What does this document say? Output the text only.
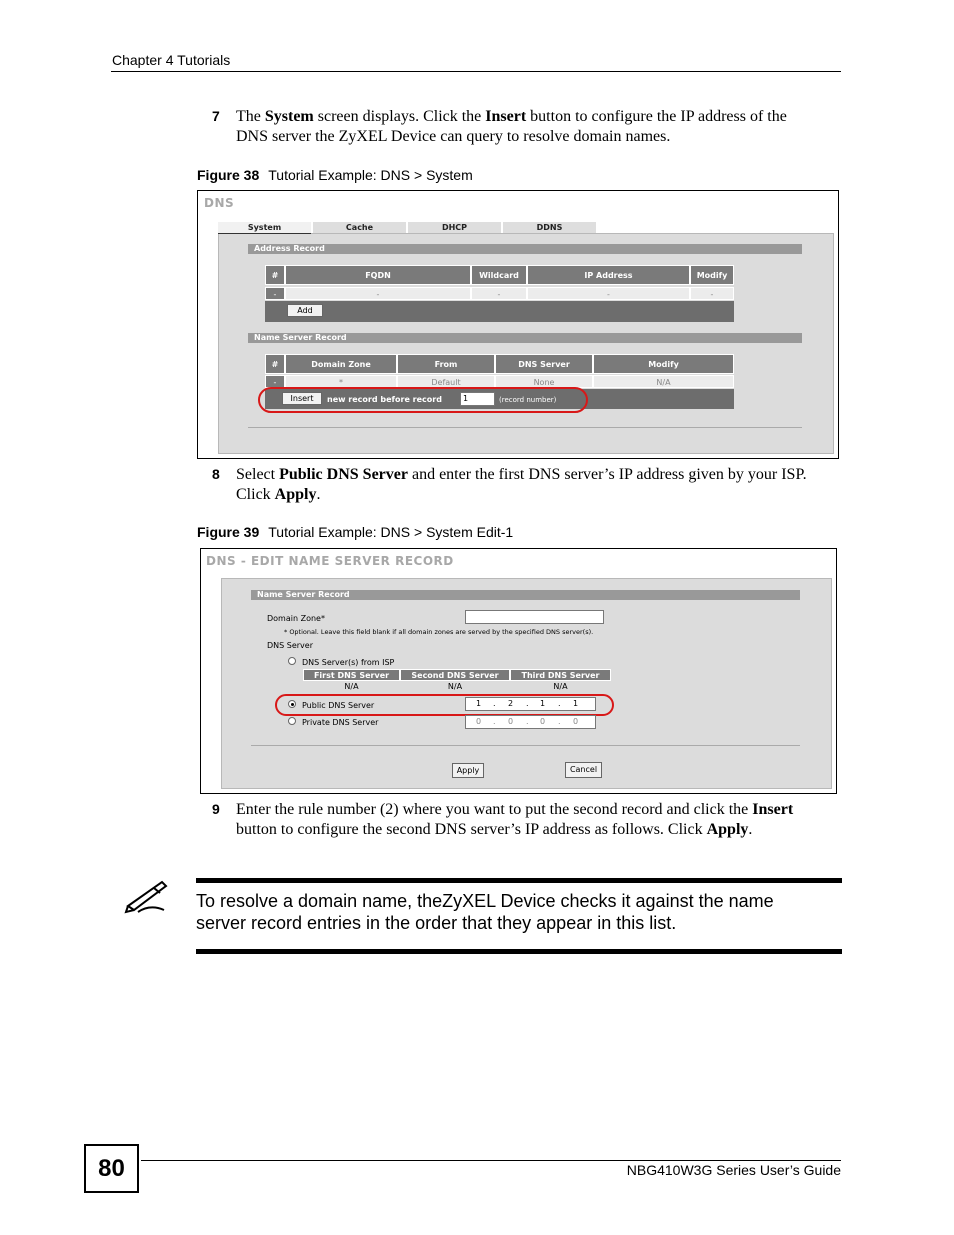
Chapter 4 Tutorials
7 The System screen displays. Click the Insert button to configure the IP address of the
DNS server the ZyXEL Device can query to resolve domain names.
Figure 38 Tutorial Example: DNS > System
DNS
System	Cache	DHCP	DDNS
Address Record
#	FQDN	Wildcard	IP Address	Modify
-	-	-	-	-
Add
Name Server Record
#	Domain Zone	From	DNS Server	Modify
-	*	Default	None	N/A
Insert	new record before record	1	(record number)
8 Select Public DNS Server and enter the first DNS server’s IP address given by your ISP.
Click Apply.
Figure 39 Tutorial Example: DNS > System Edit-1
DNS - EDIT NAME SERVER RECORD
Name Server Record
Domain Zone*
* Optional. Leave this field blank if all domain zones are served by the specified DNS server(s).
DNS Server
DNS Server(s) from ISP
First DNS Server	Second DNS Server	Third DNS Server
N/A	N/A	N/A
Public DNS Server	1 . 2 . 1 . 1
Private DNS Server	0 . 0 . 0 . 0
Apply	Cancel
9 Enter the rule number (2) where you want to put the second record and click the Insert
button to configure the second DNS server’s IP address as follows. Click Apply.
To resolve a domain name, theZyXEL Device checks it against the name
server record entries in the order that they appear in this list.
80	NBG410W3G Series User’s Guide
